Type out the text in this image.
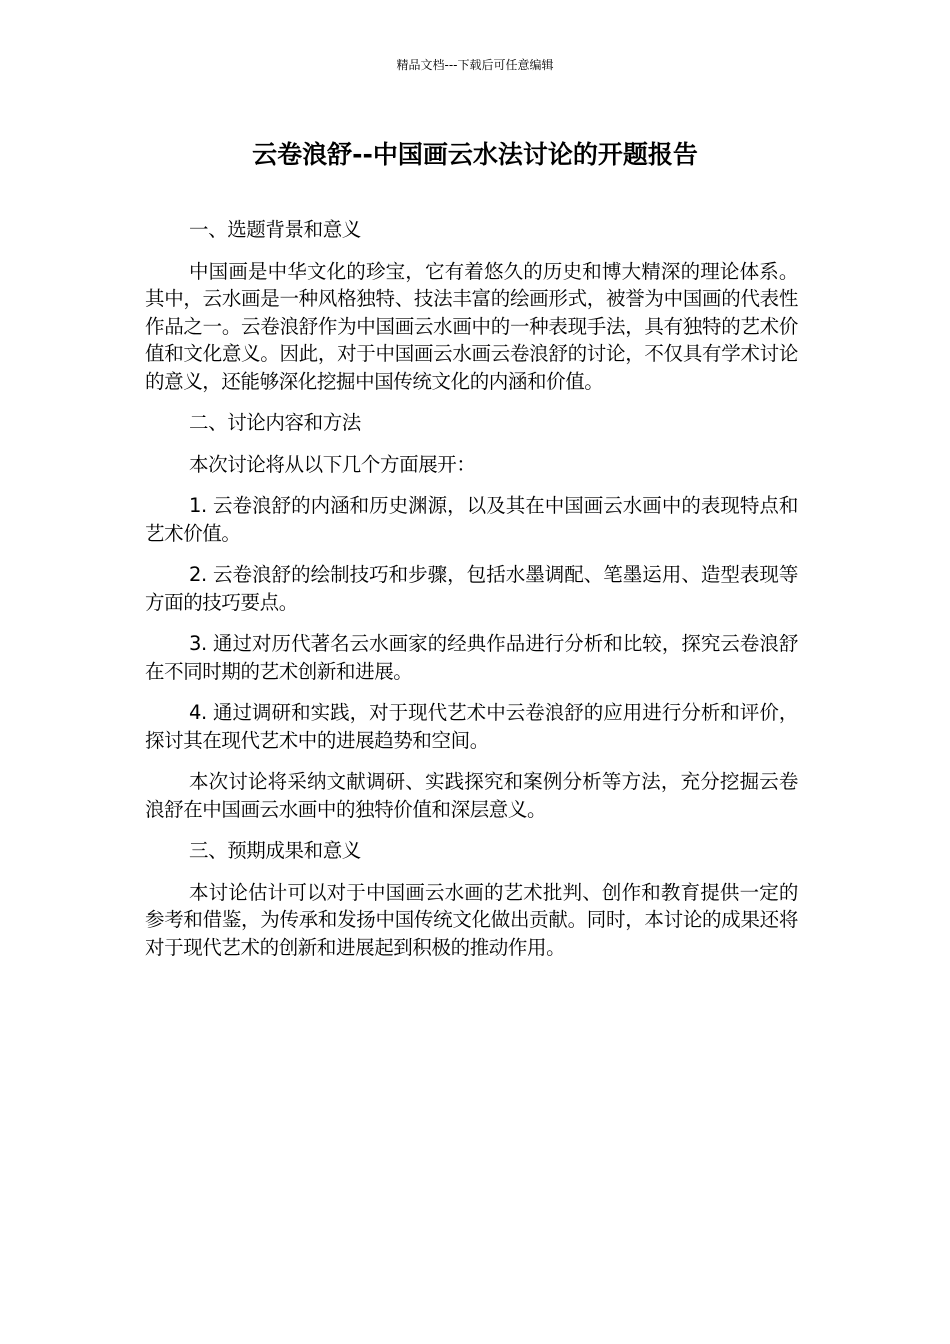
精品文档---下载后可任意编辑
云卷浪舒--中国画云水法讨论的开题报告

一、选题背景和意义

中国画是中华文化的珍宝，它有着悠久的历史和博大精深的理论体系。其中，云水画是一种风格独特、技法丰富的绘画形式，被誉为中国画的代表性作品之一。云卷浪舒作为中国画云水画中的一种表现手法，具有独特的艺术价值和文化意义。因此，对于中国画云水画云卷浪舒的讨论，不仅具有学术讨论的意义，还能够深化挖掘中国传统文化的内涵和价值。

二、讨论内容和方法

本次讨论将从以下几个方面展开：

1. 云卷浪舒的内涵和历史渊源，以及其在中国画云水画中的表现特点和艺术价值。

2. 云卷浪舒的绘制技巧和步骤，包括水墨调配、笔墨运用、造型表现等方面的技巧要点。

3. 通过对历代著名云水画家的经典作品进行分析和比较，探究云卷浪舒在不同时期的艺术创新和进展。

4. 通过调研和实践，对于现代艺术中云卷浪舒的应用进行分析和评价，探讨其在现代艺术中的进展趋势和空间。

本次讨论将采纳文献调研、实践探究和案例分析等方法，充分挖掘云卷浪舒在中国画云水画中的独特价值和深层意义。

三、预期成果和意义

本讨论估计可以对于中国画云水画的艺术批判、创作和教育提供一定的参考和借鉴，为传承和发扬中国传统文化做出贡献。同时，本讨论的成果还将对于现代艺术的创新和进展起到积极的推动作用。
